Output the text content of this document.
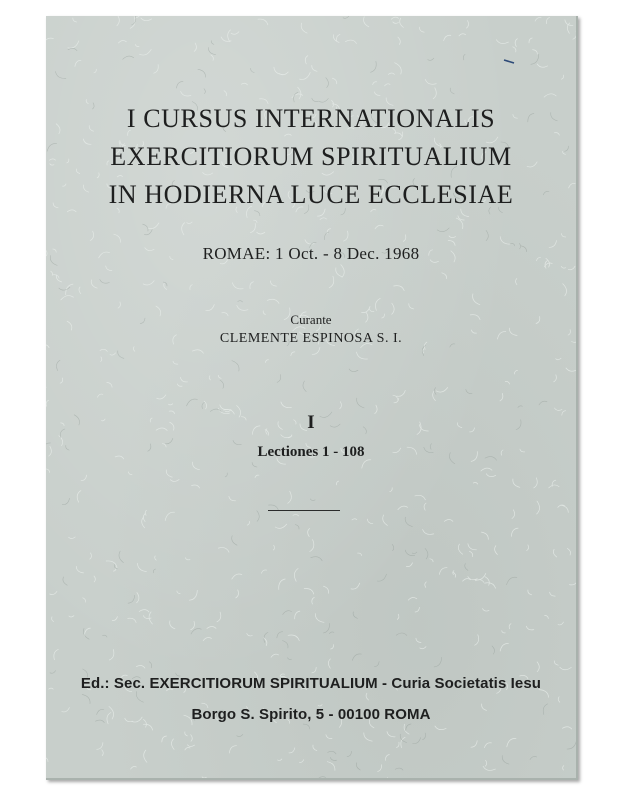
I CURSUS INTERNATIONALIS
EXERCITIORUM SPIRITUALIUM
IN HODIERNA LUCE ECCLESIAE
ROMAE: 1 Oct. - 8 Dec. 1968
Curante
CLEMENTE ESPINOSA S. I.
I
Lectiones 1 - 108
Ed.: Sec. EXERCITIORUM SPIRITUALIUM - Curia Societatis Iesu
Borgo S. Spirito, 5 - 00100 ROMA
